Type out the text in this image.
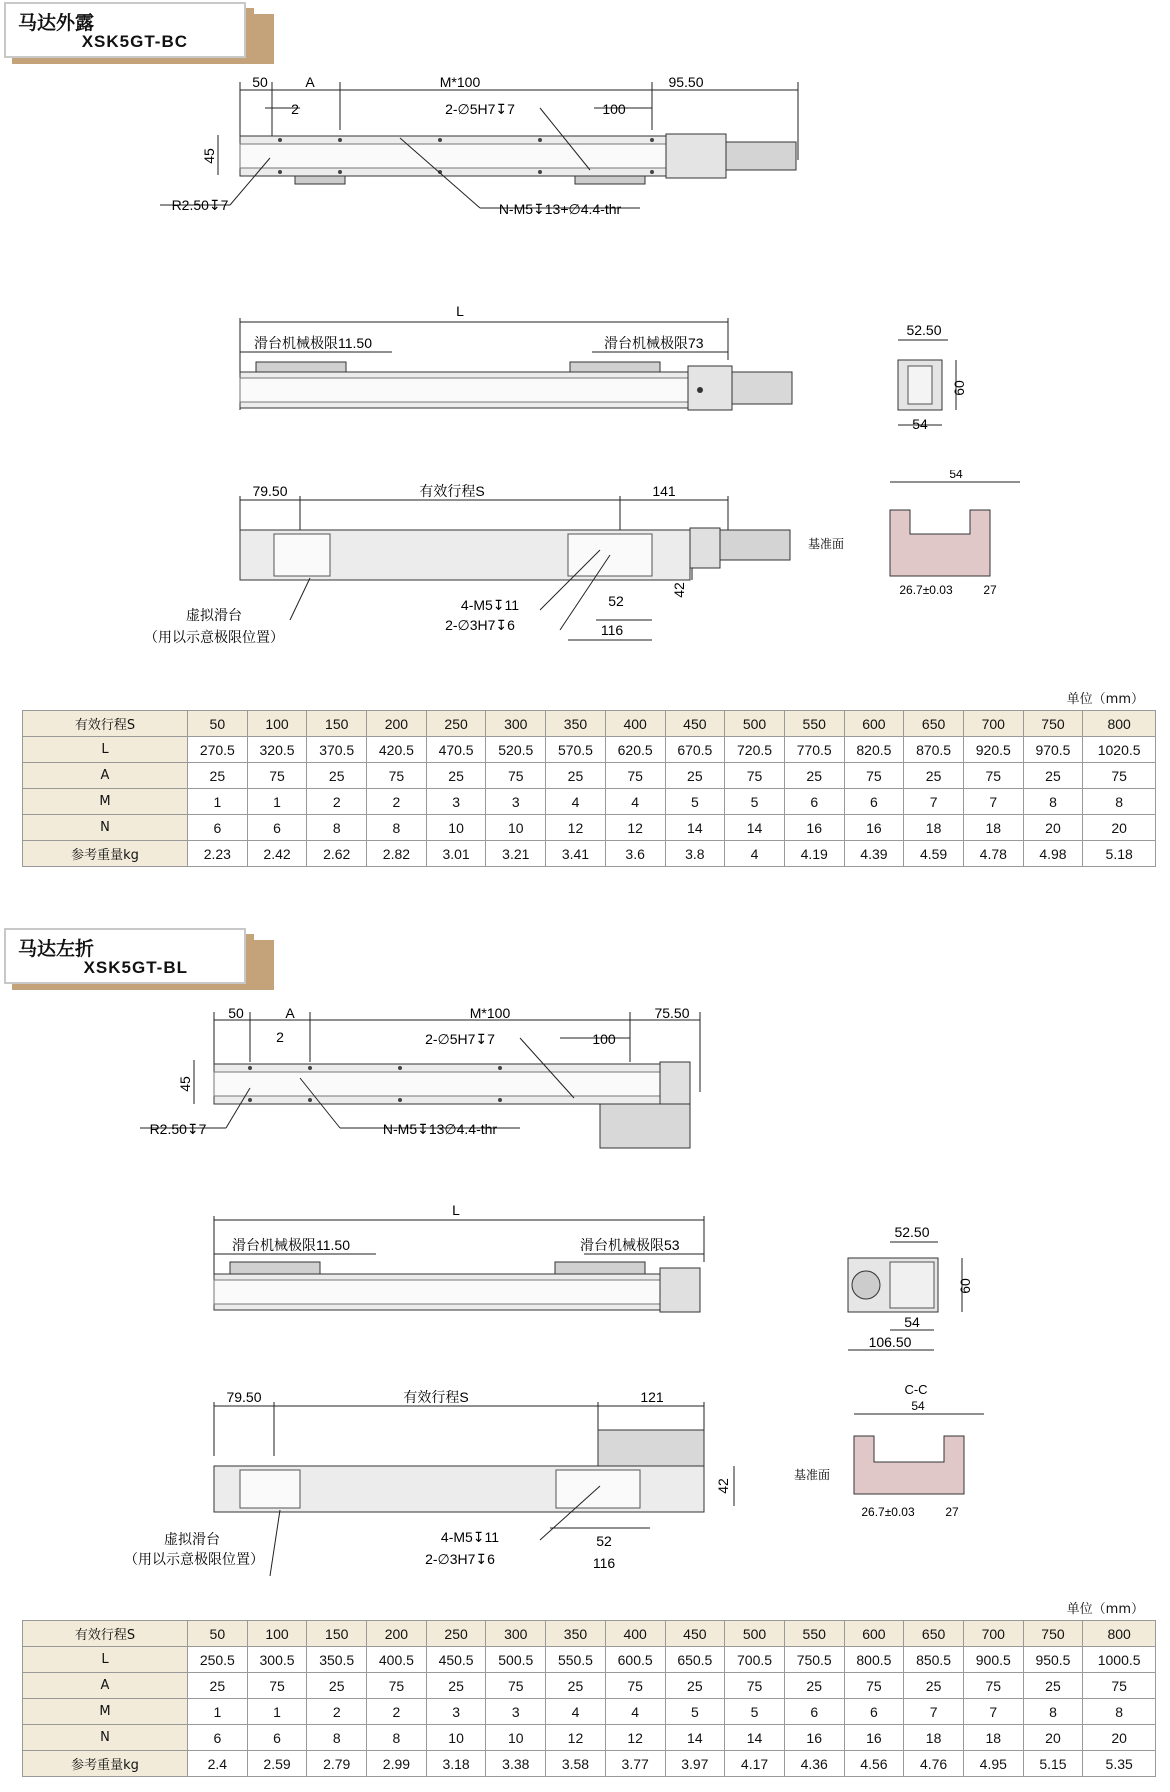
马达外露
XSK5GT-BC
50	A	M*100	95.50
2	2-∅5H7↧7	100
45
R2.50↧7	N-M5↧13+∅4.4-thr
L
滑台机械极限11.50	滑台机械极限73
52.50
60
54
79.50	有效行程S	141
4-M5↧11
2-∅3H7↧6
52
116
42
虚拟滑台
（用以示意极限位置）
54
基准面
26.7±0.03	27
单位（mm）
有效行程S	50	100	150	200	250	300	350	400	450	500	550	600	650	700	750	800
L	270.5	320.5	370.5	420.5	470.5	520.5	570.5	620.5	670.5	720.5	770.5	820.5	870.5	920.5	970.5	1020.5
A	25	75	25	75	25	75	25	75	25	75	25	75	25	75	25	75
M	1	1	2	2	3	3	4	4	5	5	6	6	7	7	8	8
N	6	6	8	8	10	10	12	12	14	14	16	16	18	18	20	20
参考重量kg	2.23	2.42	2.62	2.82	3.01	3.21	3.41	3.6	3.8	4	4.19	4.39	4.59	4.78	4.98	5.18
马达左折
XSK5GT-BL
50	A	M*100	75.50
2	2-∅5H7↧7	100
45
R2.50↧7	N-M5↧13∅4.4-thr
L
滑台机械极限11.50	滑台机械极限53
52.50
60
54
106.50
79.50	有效行程S	121
4-M5↧11
2-∅3H7↧6
52
116
42
虚拟滑台
（用以示意极限位置）
C-C
54
基准面
26.7±0.03	27
单位（mm）
有效行程S	50	100	150	200	250	300	350	400	450	500	550	600	650	700	750	800
L	250.5	300.5	350.5	400.5	450.5	500.5	550.5	600.5	650.5	700.5	750.5	800.5	850.5	900.5	950.5	1000.5
A	25	75	25	75	25	75	25	75	25	75	25	75	25	75	25	75
M	1	1	2	2	3	3	4	4	5	5	6	6	7	7	8	8
N	6	6	8	8	10	10	12	12	14	14	16	16	18	18	20	20
参考重量kg	2.4	2.59	2.79	2.99	3.18	3.38	3.58	3.77	3.97	4.17	4.36	4.56	4.76	4.95	5.15	5.35
